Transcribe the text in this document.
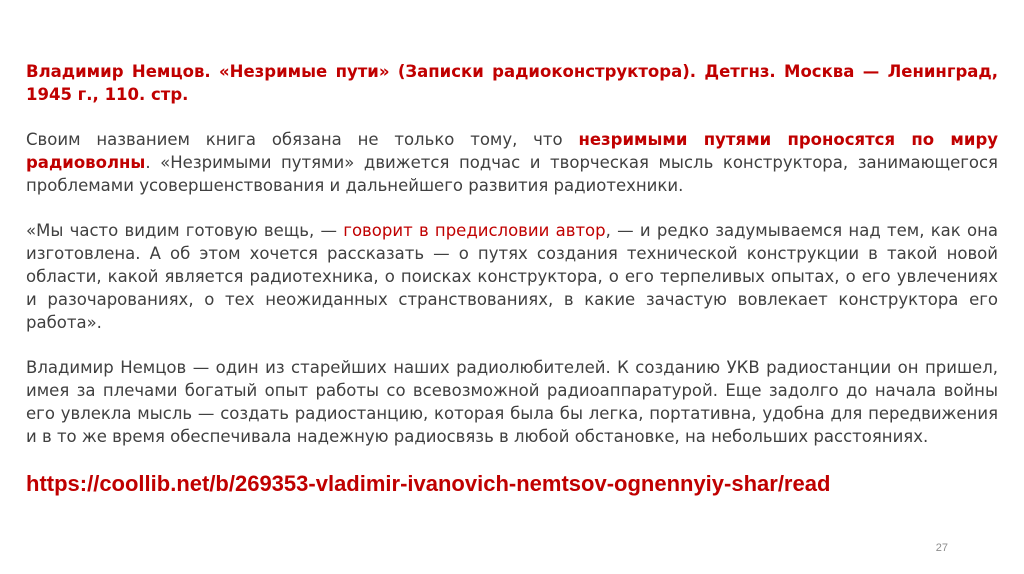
Владимир Немцов. «Незримые пути» (Записки радиоконструктора). Детгнз. Москва — Ленинград, 1945 г., 110. стр.

Своим названием книга обязана не только тому, что незримыми путями проносятся по миру радиоволны. «Незримыми путями» движется подчас и творческая мысль конструктора, занимающегося проблемами усовершенствования и дальнейшего развития радиотехники.

«Мы часто видим готовую вещь, — говорит в предисловии автор, — и редко задумываемся над тем, как она изготовлена. А об этом хочется рассказать — о путях создания технической конструкции в такой новой области, какой является радиотехника, о поисках конструктора, о его терпеливых опытах, о его увлечениях и разочарованиях, о тех неожиданных странствованиях, в какие зачастую вовлекает конструктора его работа».

Владимир Немцов — один из старейших наших радиолюбителей. К созданию УКВ радиостанции он пришел, имея за плечами богатый опыт работы со всевозможной радиоаппаратурой. Еще задолго до начала войны его увлекла мысль — создать радиостанцию, которая была бы легка, портативна, удобна для передвижения и в то же время обеспечивала надежную радиосвязь в любой обстановке, на небольших расстояниях.

https://coollib.net/b/269353-vladimir-ivanovich-nemtsov-ognennyiy-shar/read

27
